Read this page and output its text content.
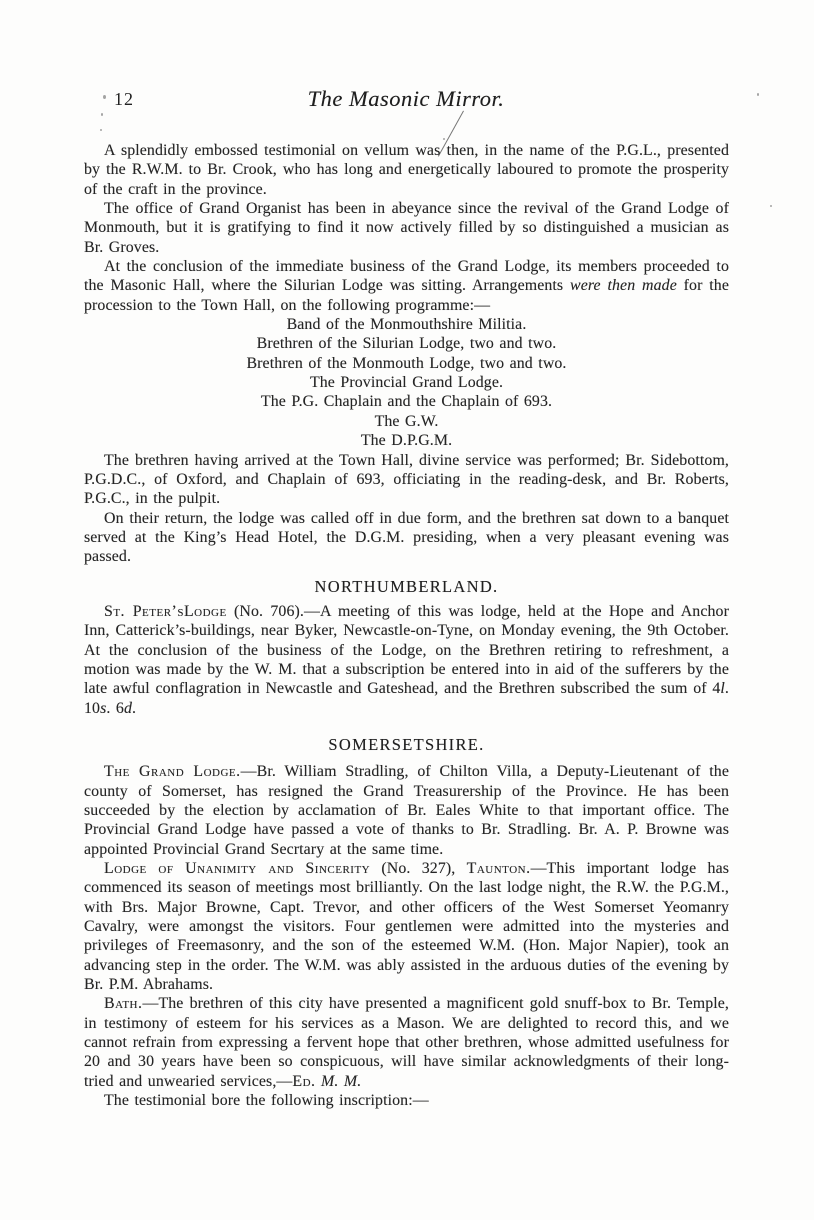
12	The Masonic Mirror.

A splendidly embossed testimonial on vellum was then, in the name of the P.G.L., presented by the R.W.M. to Br. Crook, who has long and energetically laboured to promote the prosperity of the craft in the province.

The office of Grand Organist has been in abeyance since the revival of the Grand Lodge of Monmouth, but it is gratifying to find it now actively filled by so distinguished a musician as Br. Groves.

At the conclusion of the immediate business of the Grand Lodge, its members proceeded to the Masonic Hall, where the Silurian Lodge was sitting. Arrangements were then made for the procession to the Town Hall, on the following programme:—

Band of the Monmouthshire Militia.
Brethren of the Silurian Lodge, two and two.
Brethren of the Monmouth Lodge, two and two.
The Provincial Grand Lodge.
The P.G. Chaplain and the Chaplain of 693.
The G.W.
The D.P.G.M.

The brethren having arrived at the Town Hall, divine service was performed; Br. Sidebottom, P.G.D.C., of Oxford, and Chaplain of 693, officiating in the reading-desk, and Br. Roberts, P.G.C., in the pulpit.

On their return, the lodge was called off in due form, and the brethren sat down to a banquet served at the King’s Head Hotel, the D.G.M. presiding, when a very pleasant evening was passed.

NORTHUMBERLAND.

St. Peter’sLodge (No. 706).—A meeting of this was lodge, held at the Hope and Anchor Inn, Catterick’s-buildings, near Byker, Newcastle-on-Tyne, on Monday evening, the 9th October. At the conclusion of the business of the Lodge, on the Brethren retiring to refreshment, a motion was made by the W. M. that a subscription be entered into in aid of the sufferers by the late awful conflagration in Newcastle and Gateshead, and the Brethren subscribed the sum of 4l. 10s. 6d.

SOMERSETSHIRE.

The Grand Lodge.—Br. William Stradling, of Chilton Villa, a Deputy-Lieutenant of the county of Somerset, has resigned the Grand Treasurership of the Province. He has been succeeded by the election by acclamation of Br. Eales White to that important office. The Provincial Grand Lodge have passed a vote of thanks to Br. Stradling. Br. A. P. Browne was appointed Provincial Grand Secrtary at the same time.

Lodge of Unanimity and Sincerity (No. 327), Taunton.—This important lodge has commenced its season of meetings most brilliantly. On the last lodge night, the R.W. the P.G.M., with Brs. Major Browne, Capt. Trevor, and other officers of the West Somerset Yeomanry Cavalry, were amongst the visitors. Four gentlemen were admitted into the mysteries and privileges of Freemasonry, and the son of the esteemed W.M. (Hon. Major Napier), took an advancing step in the order. The W.M. was ably assisted in the arduous duties of the evening by Br. P.M. Abrahams.

Bath.—The brethren of this city have presented a magnificent gold snuff-box to Br. Temple, in testimony of esteem for his services as a Mason. We are delighted to record this, and we cannot refrain from expressing a fervent hope that other brethren, whose admitted usefulness for 20 and 30 years have been so conspicuous, will have similar acknowledgments of their long-tried and unwearied services,—Ed. M. M.

The testimonial bore the following inscription:—
